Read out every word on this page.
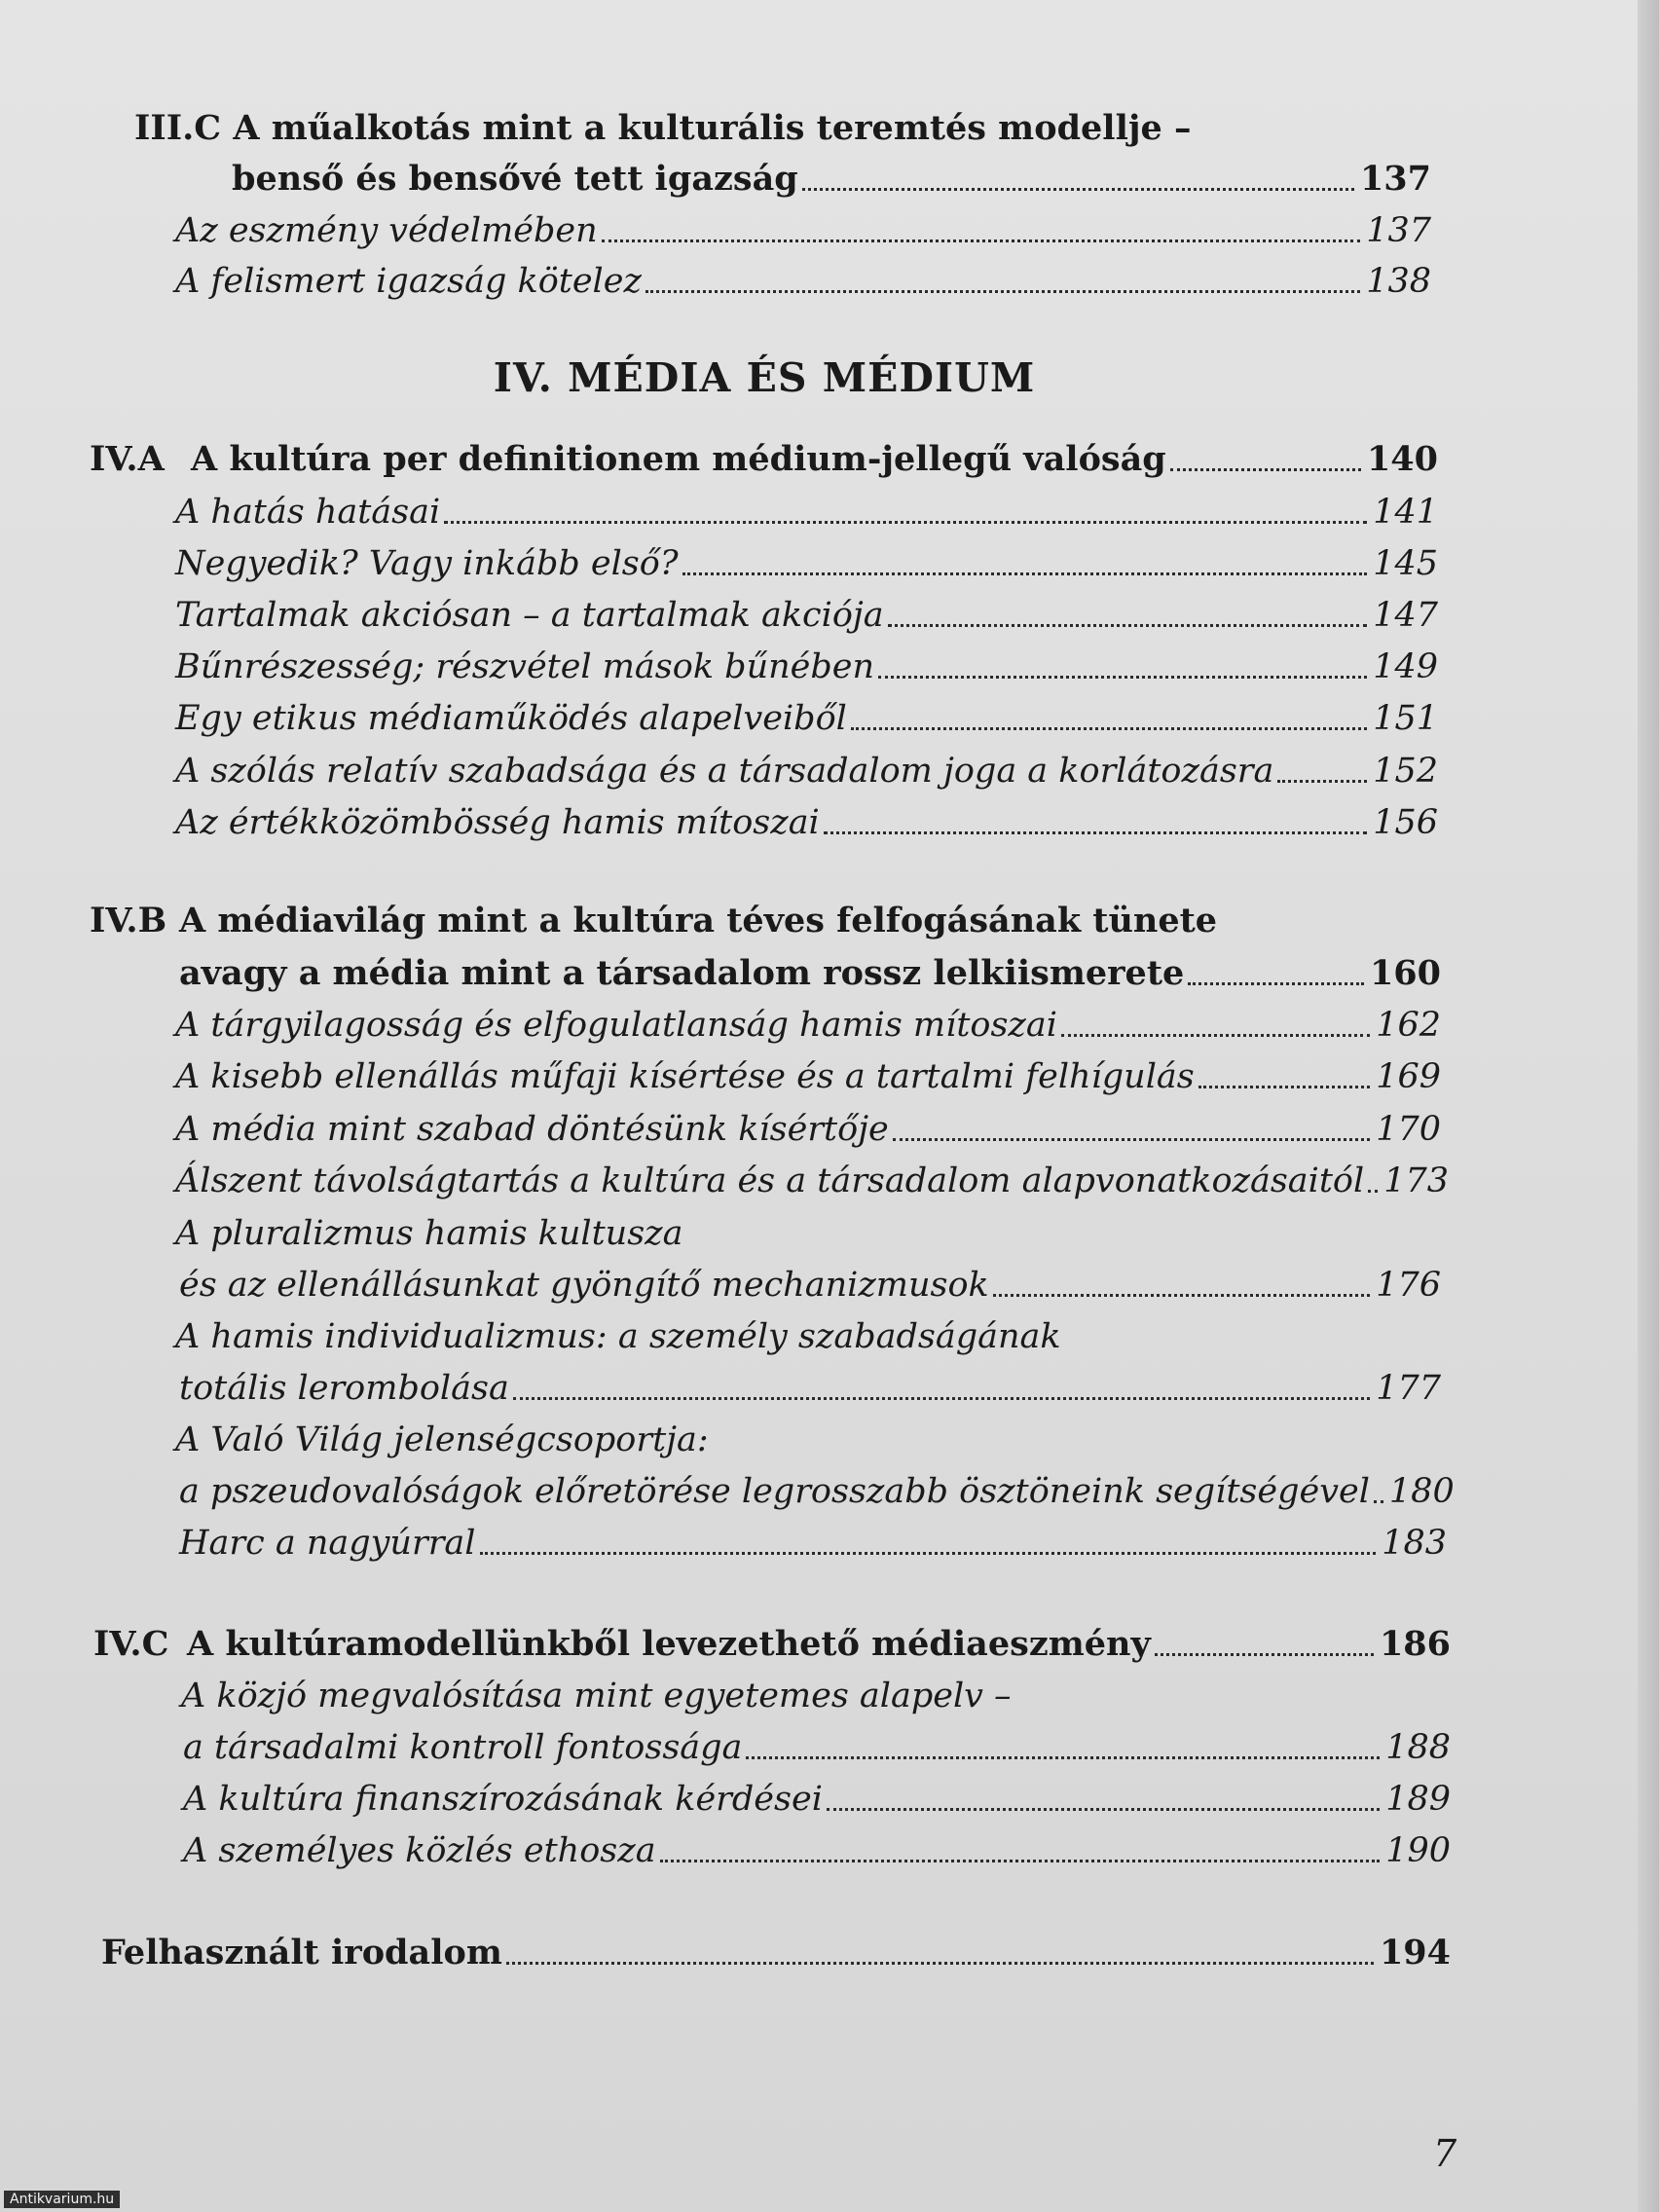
III.C
A műalkotás mint a kulturális teremtés modellje –
benső és bensővé tett igazság	137
Az eszmény védelmében	137
A felismert igazság kötelez	138
IV. MÉDIA ÉS MÉDIUM
IV.A A kultúra per definitionem médium-jellegű valóság	140
A hatás hatásai	141
Negyedik? Vagy inkább első?	145
Tartalmak akciósan – a tartalmak akciója	147
Bűnrészesség; részvétel mások bűnében	149
Egy etikus médiaműködés alapelveiből	151
A szólás relatív szabadsága és a társadalom joga a korlátozásra	152
Az értékközömbösség hamis mítoszai	156
IV.B A médiavilág mint a kultúra téves felfogásának tünete
avagy a média mint a társadalom rossz lelkiismerete	160
A tárgyilagosság és elfogulatlanság hamis mítoszai	162
A kisebb ellenállás műfaji kísértése és a tartalmi felhígulás	169
A média mint szabad döntésünk kísértője	170
Álszent távolságtartás a kultúra és a társadalom alapvonatkozásaitól 173
A pluralizmus hamis kultusza
és az ellenállásunkat gyöngítő mechanizmusok	176
A hamis individualizmus: a személy szabadságának
totális lerombolása	177
A Való Világ jelenségcsoportja:
a pszeudovalóságok előretörése legrosszabb ösztöneink segítségével 180
Harc a nagyúrral	183
IV.C A kultúramodellünkből levezethető médiaeszmény	186
A közjó megvalósítása mint egyetemes alapelv –
a társadalmi kontroll fontossága	188
A kultúra finanszírozásának kérdései	189
A személyes közlés ethosza	190
Felhasznált irodalom	194
7
Antikvarium.hu
